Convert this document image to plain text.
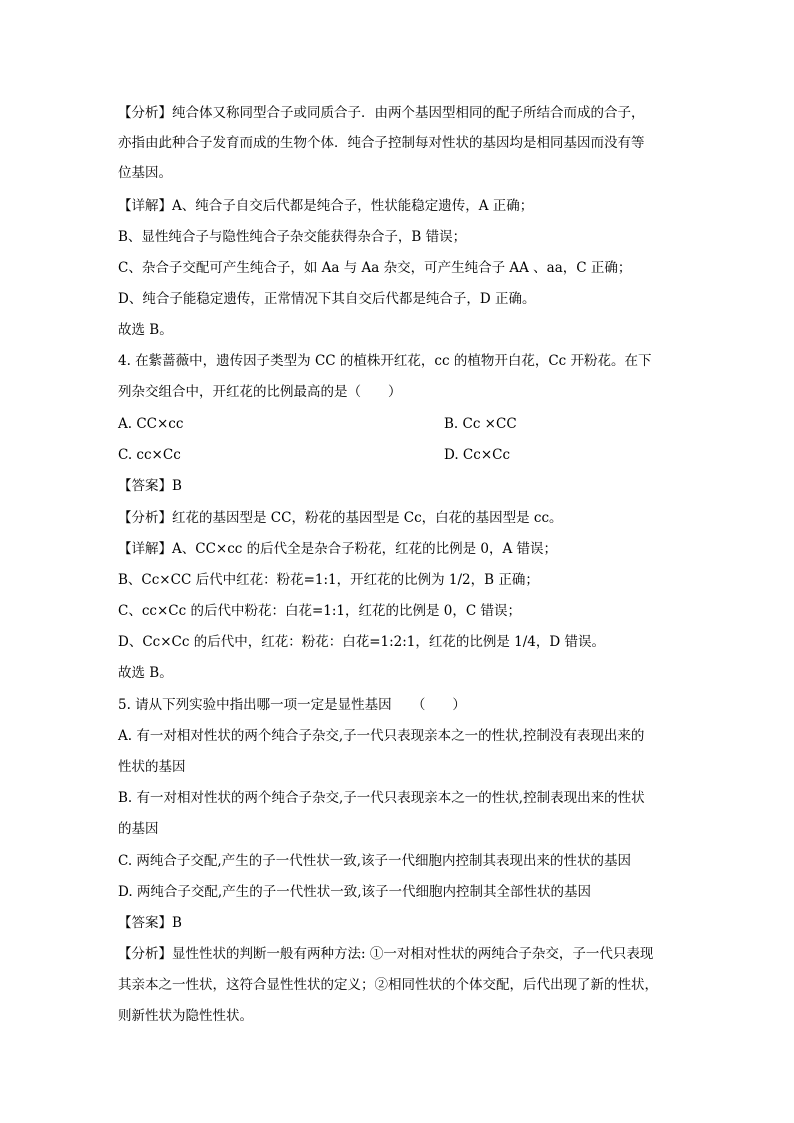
【分析】纯合体又称同型合子或同质合子．由两个基因型相同的配子所结合而成的合子，
亦指由此种合子发育而成的生物个体．纯合子控制每对性状的基因均是相同基因而没有等
位基因。
【详解】A、纯合子自交后代都是纯合子，性状能稳定遗传，A 正确；
B、显性纯合子与隐性纯合子杂交能获得杂合子，B 错误；
C、杂合子交配可产生纯合子，如 Aa 与 Aa 杂交，可产生纯合子 AA 、aa，C 正确；
D、纯合子能稳定遗传，正常情况下其自交后代都是纯合子，D 正确。
故选 B。
4. 在紫蔷薇中，遗传因子类型为 CC 的植株开红花，cc 的植物开白花，Cc 开粉花。在下
列杂交组合中，开红花的比例最高的是（　　）
A. CC×cc	B. Cc ×CC
C. cc×Cc	D. Cc×Cc
【答案】B
【分析】红花的基因型是 CC，粉花的基因型是 Cc，白花的基因型是 cc。
【详解】A、CC×cc 的后代全是杂合子粉花，红花的比例是 0，A 错误；
B、Cc×CC 后代中红花：粉花=1:1，开红花的比例为 1/2，B 正确；
C、cc×Cc 的后代中粉花：白花=1:1，红花的比例是 0，C 错误；
D、Cc×Cc 的后代中，红花：粉花：白花=1:2:1，红花的比例是 1/4，D 错误。
故选 B。
5. 请从下列实验中指出哪一项一定是显性基因　　（　　）
A. 有一对相对性状的两个纯合子杂交,子一代只表现亲本之一的性状,控制没有表现出来的
性状的基因
B. 有一对相对性状的两个纯合子杂交,子一代只表现亲本之一的性状,控制表现出来的性状
的基因
C. 两纯合子交配,产生的子一代性状一致,该子一代细胞内控制其表现出来的性状的基因
D. 两纯合子交配,产生的子一代性状一致,该子一代细胞内控制其全部性状的基因
【答案】B
【分析】显性性状的判断一般有两种方法: ①一对相对性状的两纯合子杂交，子一代只表现
其亲本之一性状，这符合显性性状的定义；②相同性状的个体交配，后代出现了新的性状，
则新性状为隐性性状。
